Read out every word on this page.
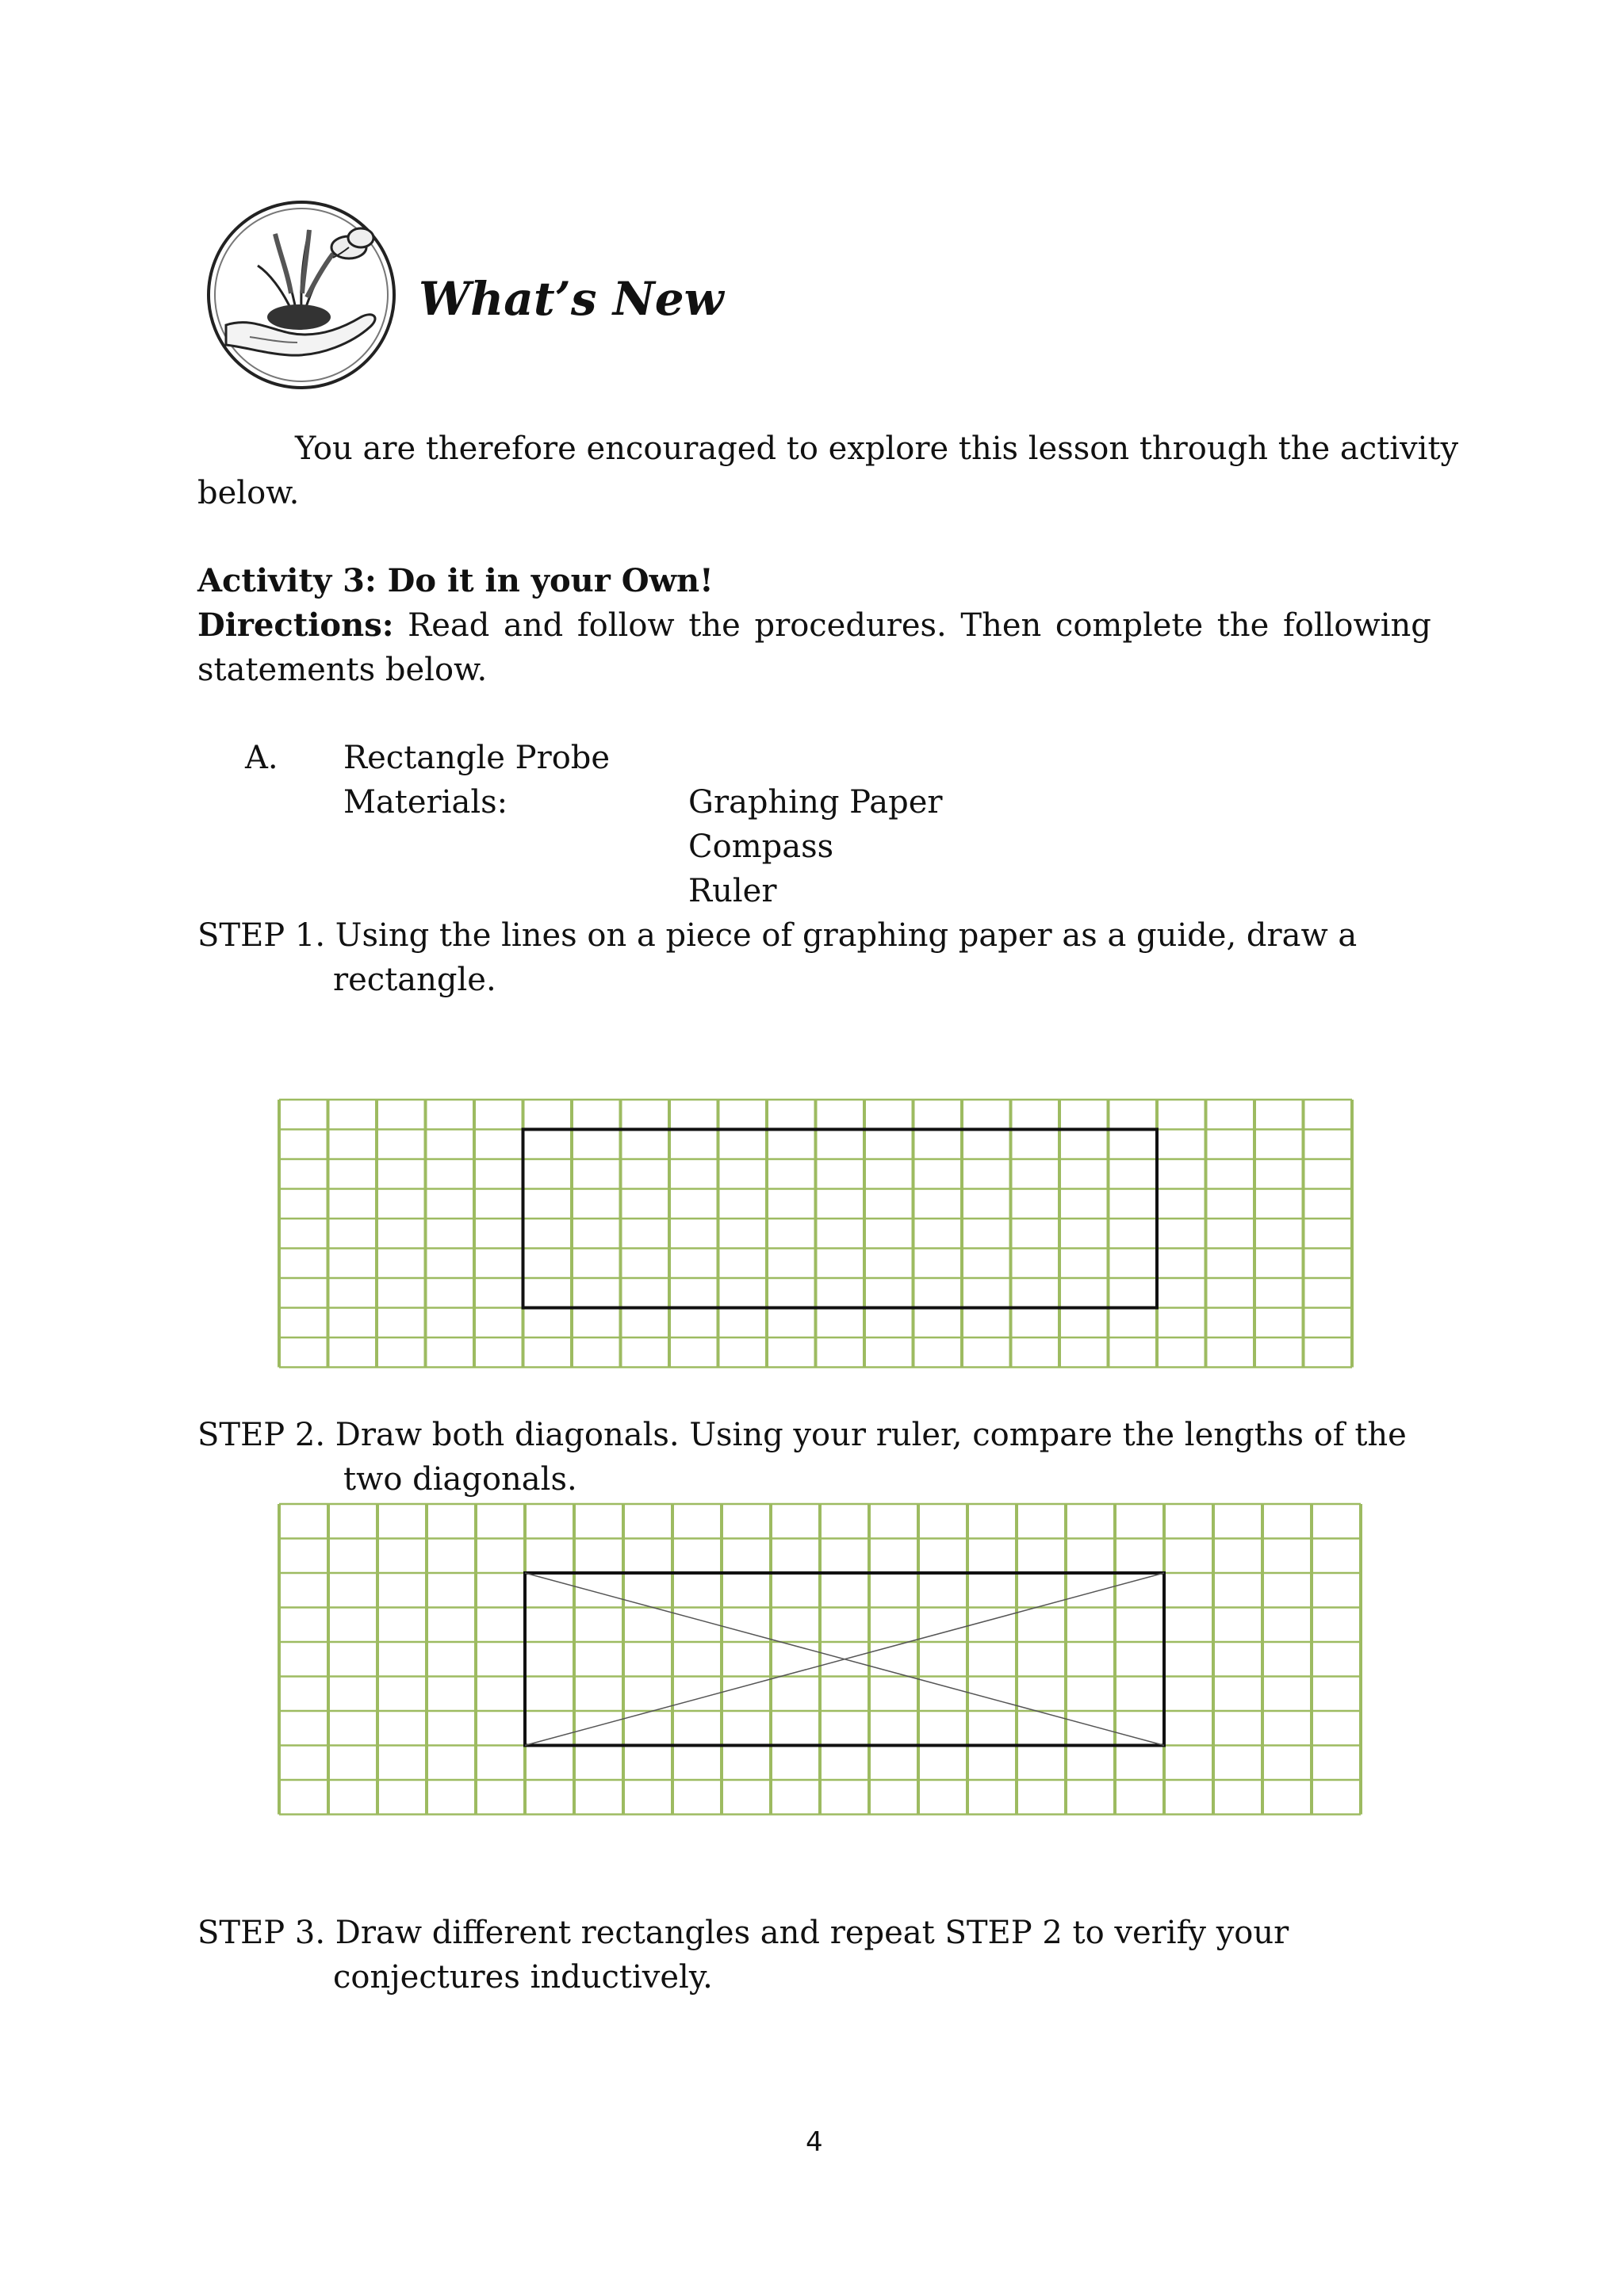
What’s New
You are therefore encouraged to explore this lesson through the activity
below.
Activity 3: Do it in your Own!
Directions: Read and follow the procedures. Then complete the following
statements below.
A. Rectangle Probe
Materials:	Graphing Paper
Compass
Ruler
STEP 1. Using the lines on a piece of graphing paper as a guide, draw a
rectangle.
STEP 2. Draw both diagonals. Using your ruler, compare the lengths of the
two diagonals.
STEP 3. Draw different rectangles and repeat STEP 2 to verify your
conjectures inductively.
4
